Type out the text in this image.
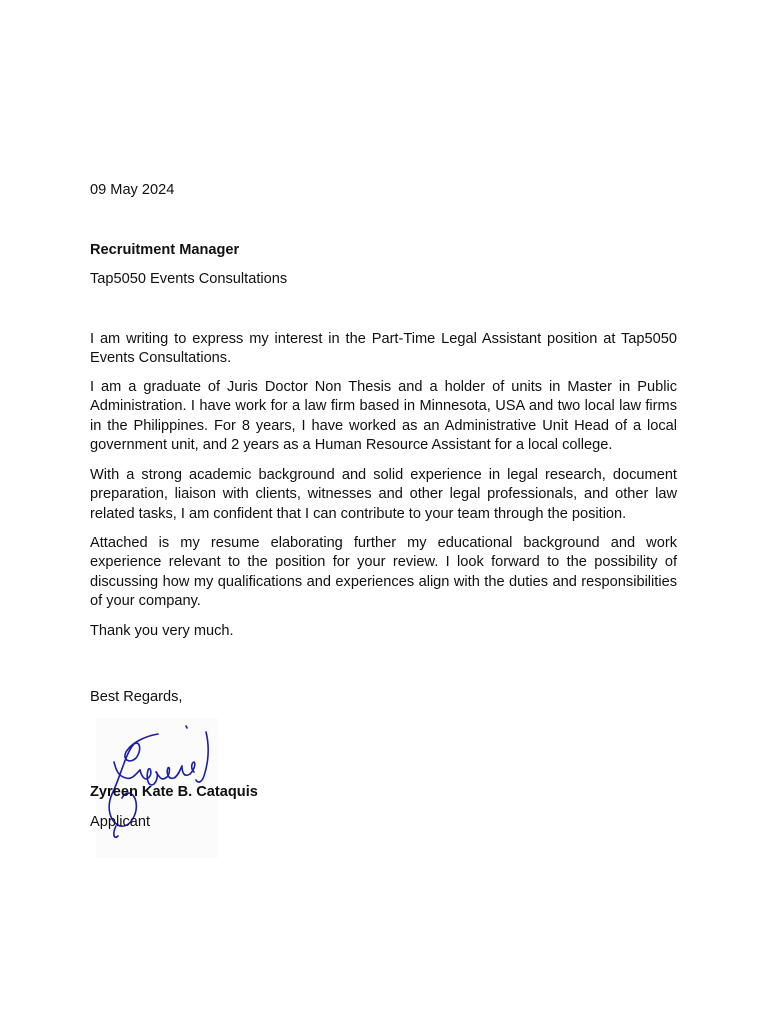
09 May 2024

Recruitment Manager

Tap5050 Events Consultations

I am writing to express my interest in the Part-Time Legal Assistant position at Tap5050 Events Consultations.

I am a graduate of Juris Doctor Non Thesis and a holder of units in Master in Public Administration. I have work for a law firm based in Minnesota, USA and two local law firms in the Philippines. For 8 years, I have worked as an Administrative Unit Head of a local government unit, and 2 years as a Human Resource Assistant for a local college.

With a strong academic background and solid experience in legal research, document preparation, liaison with clients, witnesses and other legal professionals, and other law related tasks, I am confident that I can contribute to your team through the position.

Attached is my resume elaborating further my educational background and work experience relevant to the position for your review. I look forward to the possibility of discussing how my qualifications and experiences align with the duties and responsibilities of your company.

Thank you very much.

Best Regards,

Zyreen Kate B. Cataquis

Applicant
